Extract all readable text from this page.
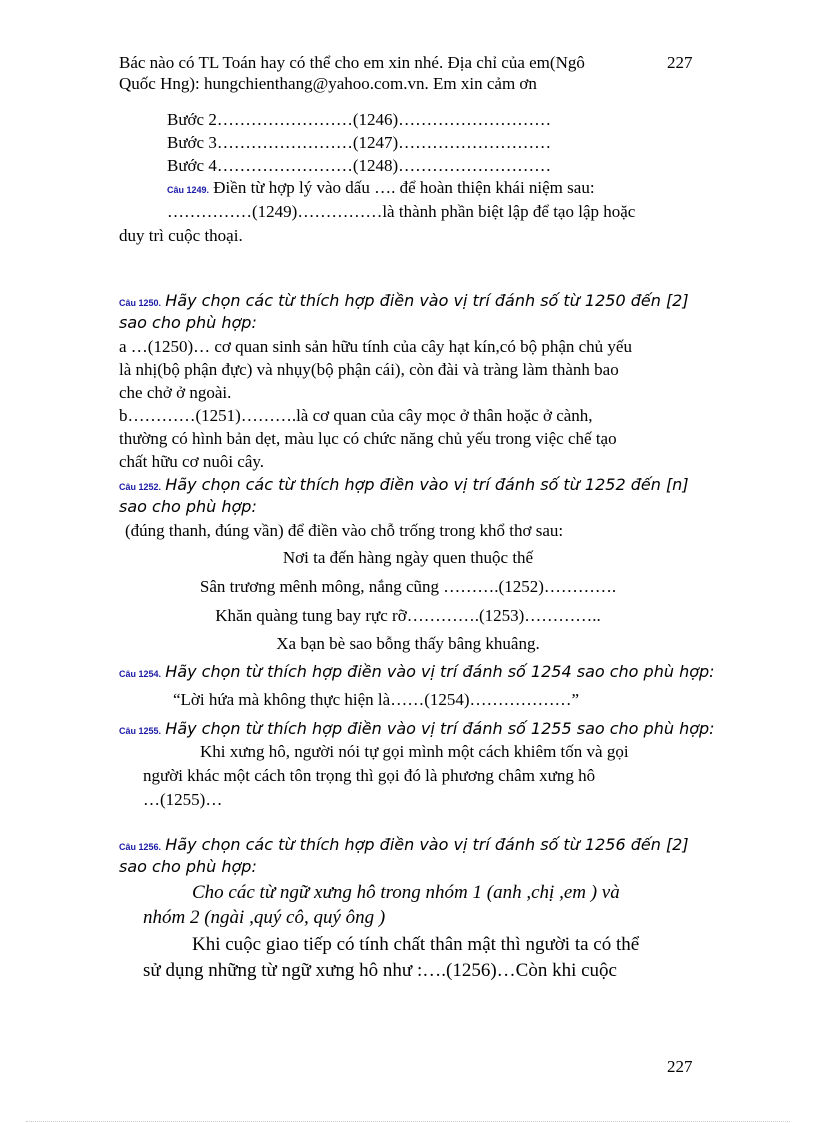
Bác nào có TL Toán hay có thể cho em xin nhé. Địa chỉ của em(Ngô
Quốc Hng): hungchienthang@yahoo.com.vn. Em xin cảm ơn
227
Bước 2……………………(1246)………………………
Bước 3……………………(1247)………………………
Bước 4……………………(1248)………………………
Câu 1249. Điền từ hợp lý vào dấu …. để hoàn thiện khái niệm sau:
……………(1249)……………là thành phần biệt lập để tạo lập hoặc
duy trì cuộc thoại.
Câu 1250. Hãy chọn các từ thích hợp điền vào vị trí đánh số từ 1250 đến [2]
sao cho phù hợp:
a …(1250)… cơ quan sinh sản hữu tính của cây hạt kín,có bộ phận chủ yếu
là nhị(bộ phận đực) và nhụy(bộ phận cái), còn đài và tràng làm thành bao
che chở ở ngoài.
b…………(1251)……….là cơ quan của cây mọc ở thân hoặc ở cành,
thường có hình bản dẹt, màu lục có chức năng chủ yếu trong việc chế tạo
chất hữu cơ nuôi cây.
Câu 1252. Hãy chọn các từ thích hợp điền vào vị trí đánh số từ 1252 đến [n]
sao cho phù hợp:
(đúng thanh, đúng vần) để điền vào chỗ trống trong khổ thơ sau:
Nơi ta đến hàng ngày quen thuộc thế
Sân trương mênh mông, nắng cũng ……….(1252)………….
Khăn quàng tung bay rực rỡ………….(1253)…………..
Xa bạn bè sao bỗng thấy bâng khuâng.
Câu 1254. Hãy chọn từ thích hợp điền vào vị trí đánh số 1254 sao cho phù hợp:
“Lời hứa mà không thực hiện là……(1254)………………”
Câu 1255. Hãy chọn từ thích hợp điền vào vị trí đánh số 1255 sao cho phù hợp:
Khi xưng hô, người nói tự gọi mình một cách khiêm tốn và gọi
người khác một cách tôn trọng thì gọi đó là phương châm xưng hô
…(1255)…
Câu 1256. Hãy chọn các từ thích hợp điền vào vị trí đánh số từ 1256 đến [2]
sao cho phù hợp:
Cho các từ ngữ xưng hô trong nhóm 1 (anh ,chị ,em ) và
nhóm 2 (ngài ,quý cô, quý ông )
Khi cuộc giao tiếp có tính chất thân mật thì người ta có thể
sử dụng những từ ngữ xưng hô như :….(1256)…Còn khi cuộc
227
